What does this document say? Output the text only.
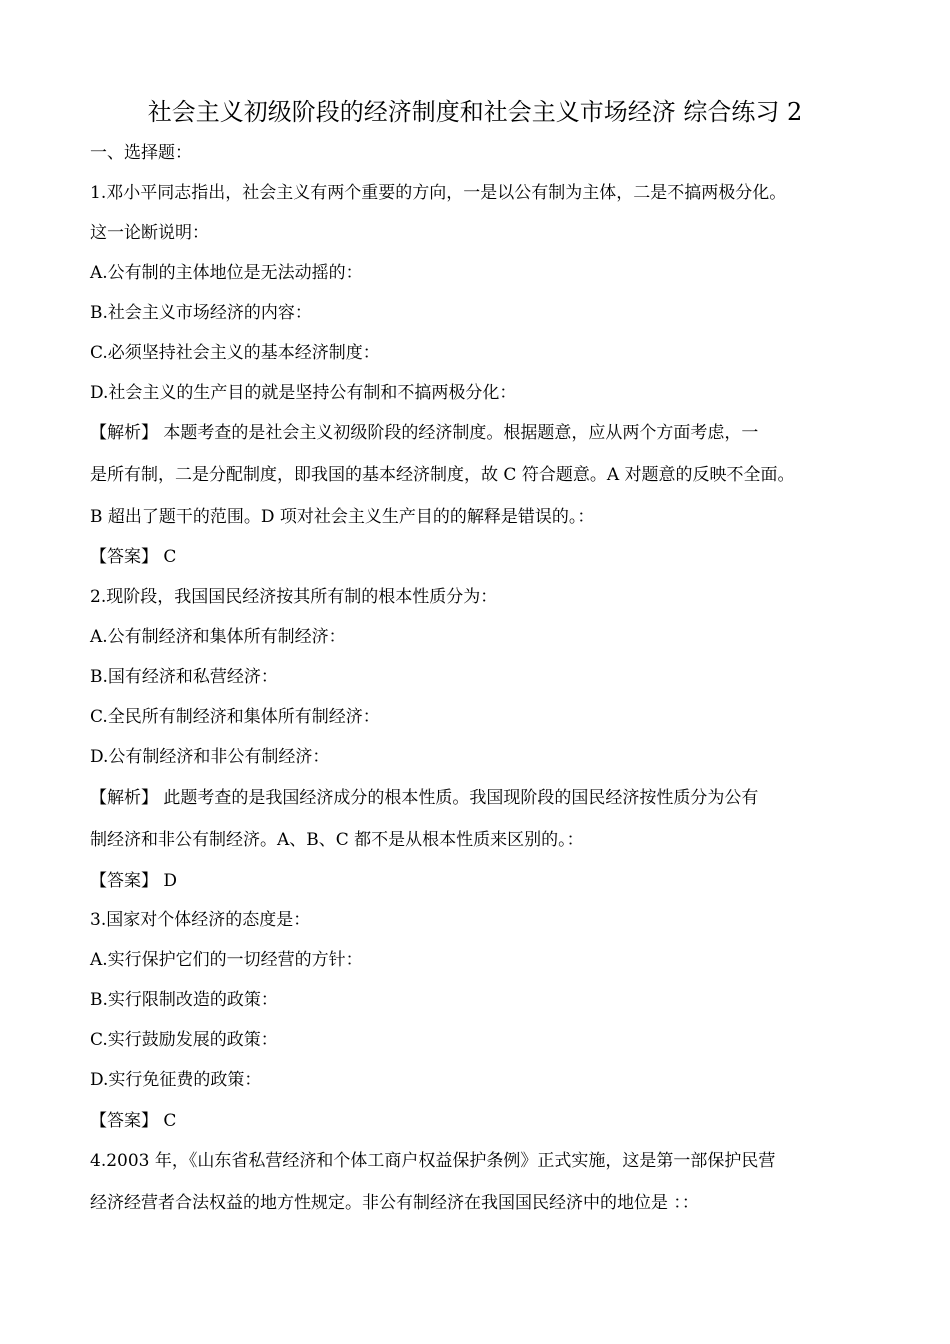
社会主义初级阶段的经济制度和社会主义市场经济 综合练习 2
一、选择题：
1.邓小平同志指出，社会主义有两个重要的方向，一是以公有制为主体，二是不搞两极分化。
这一论断说明：
A.公有制的主体地位是无法动摇的：
B.社会主义市场经济的内容：
C.必须坚持社会主义的基本经济制度：
D.社会主义的生产目的就是坚持公有制和不搞两极分化：
【解析】 本题考查的是社会主义初级阶段的经济制度。根据题意，应从两个方面考虑，一
是所有制，二是分配制度，即我国的基本经济制度，故 C 符合题意。A 对题意的反映不全面。
B 超出了题干的范围。D 项对社会主义生产目的的解释是错误的。：
【答案】 C
2.现阶段，我国国民经济按其所有制的根本性质分为：
A.公有制经济和集体所有制经济：
B.国有经济和私营经济：
C.全民所有制经济和集体所有制经济：
D.公有制经济和非公有制经济：
【解析】 此题考查的是我国经济成分的根本性质。我国现阶段的国民经济按性质分为公有
制经济和非公有制经济。A、B、C 都不是从根本性质来区别的。：
【答案】 D
3.国家对个体经济的态度是：
A.实行保护它们的一切经营的方针：
B.实行限制改造的政策：
C.实行鼓励发展的政策：
D.实行免征费的政策：
【答案】 C
4.2003 年，《山东省私营经济和个体工商户权益保护条例》正式实施，这是第一部保护民营
经济经营者合法权益的地方性规定。非公有制经济在我国国民经济中的地位是 ：：
